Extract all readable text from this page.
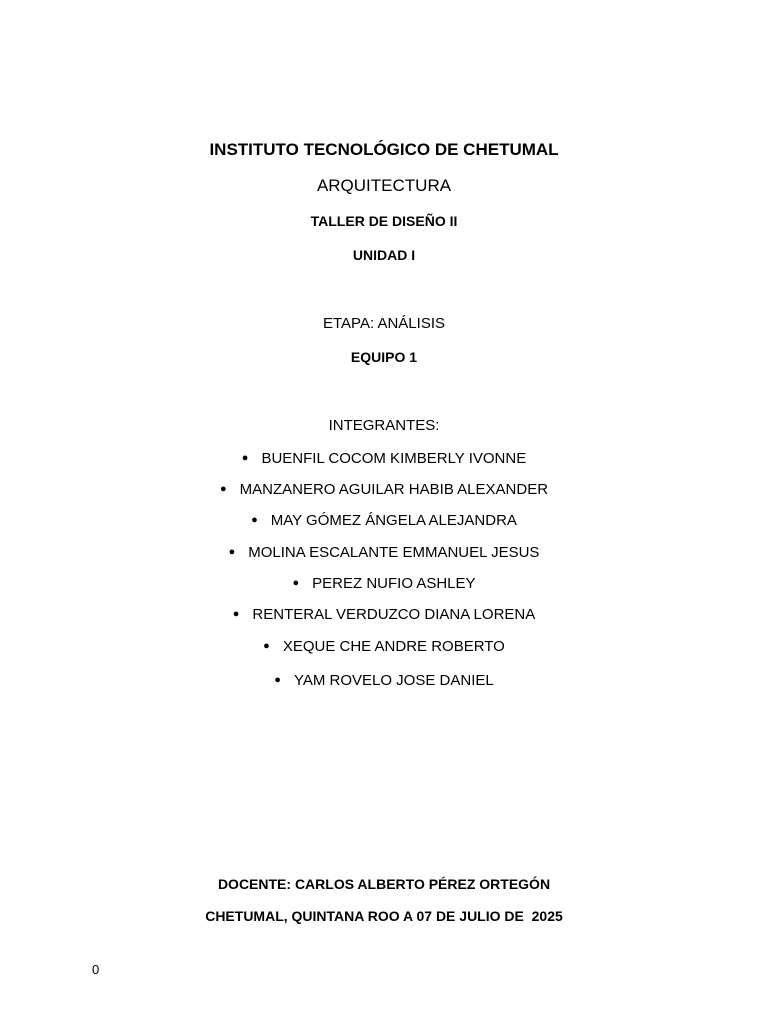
INSTITUTO TECNOLÓGICO DE CHETUMAL
ARQUITECTURA
TALLER DE DISEÑO II
UNIDAD I
ETAPA: ANÁLISIS
EQUIPO 1
INTEGRANTES:
● BUENFIL COCOM KIMBERLY IVONNE
● MANZANERO AGUILAR HABIB ALEXANDER
● MAY GÓMEZ ÁNGELA ALEJANDRA
● MOLINA ESCALANTE EMMANUEL JESUS
● PEREZ NUFIO ASHLEY
● RENTERAL VERDUZCO DIANA LORENA
● XEQUE CHE ANDRE ROBERTO
● YAM ROVELO JOSE DANIEL
DOCENTE: CARLOS ALBERTO PÉREZ ORTEGÓN
CHETUMAL, QUINTANA ROO A 07 DE JULIO DE  2025
0
